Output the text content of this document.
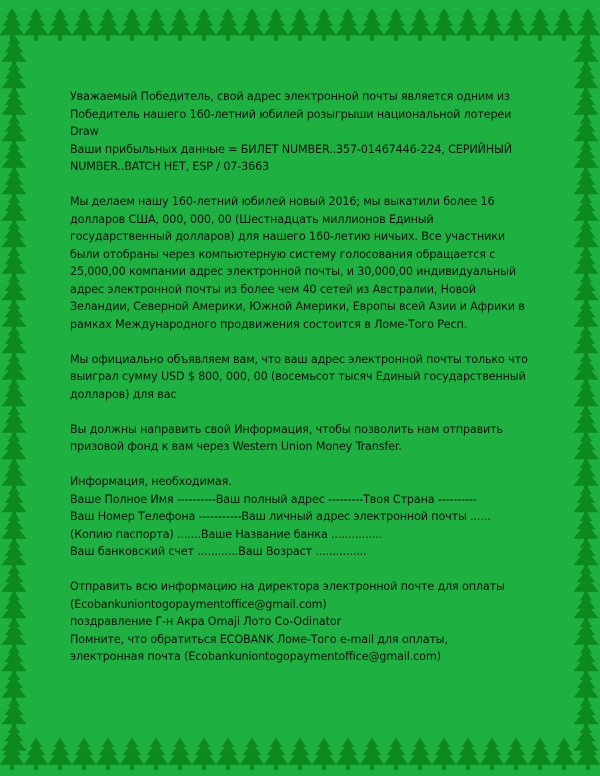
Уважаемый Победитель, свой адрес электронной почты является одним из Победитель нашего 160-летний юбилей розыгрыши национальной лотереи Draw
Ваши прибыльных данные = БИЛЕТ NUMBER..357-01467446-224, СЕРИЙНЫЙ NUMBER..BATCH HET, ESP / 07-3663

Мы делаем нашу 160-летний юбилей новый 2016; мы выкатили более 16 долларов США, 000, 000, 00 (Шестнадцать миллионов Единый государственный долларов) для нашего 160-летию ничьих. Все участники были отобраны через компьютерную систему голосования обращается с 25,000,00 компании адрес электронной почты, и 30,000,00 индивидуальный адрес электронной почты из более чем 40 сетей из Австралии, Новой Зеландии, Северной Америки, Южной Америки, Европы всей Азии и Африки в рамках Международного продвижения состоится в Ломе-Того Респ.

Мы официально объявляем вам, что ваш адрес электронной почты только что выиграл сумму USD $ 800, 000, 00 (восемьсот тысяч Единый государственный долларов) для вас

Вы должны направить свой Информация, чтобы позволить нам отправить призовой фонд к вам через Western Union Money Transfer.

Информация, необходимая.
Ваше Полное Имя ----------Ваш полный адрес ---------Твоя Страна ----------
Ваш Номер Телефона -----------Ваш личный адрес электронной почты ......
(Копию паспорта) .......Ваше Название банка ...............
Ваш банковский счет ............Ваш Возраст ...............

Отправить всю информацию на директора электронной почте для оплаты
(Ecobankuniontogopaymentoffice@gmail.com)
поздравление Г-н Акра Omaji Лото Co-Odinator
Помните, что обратиться ECOBANK Ломе-Того e-mail для оплаты,
электронная почта (Ecobankuniontogopaymentoffice@gmail.com)
